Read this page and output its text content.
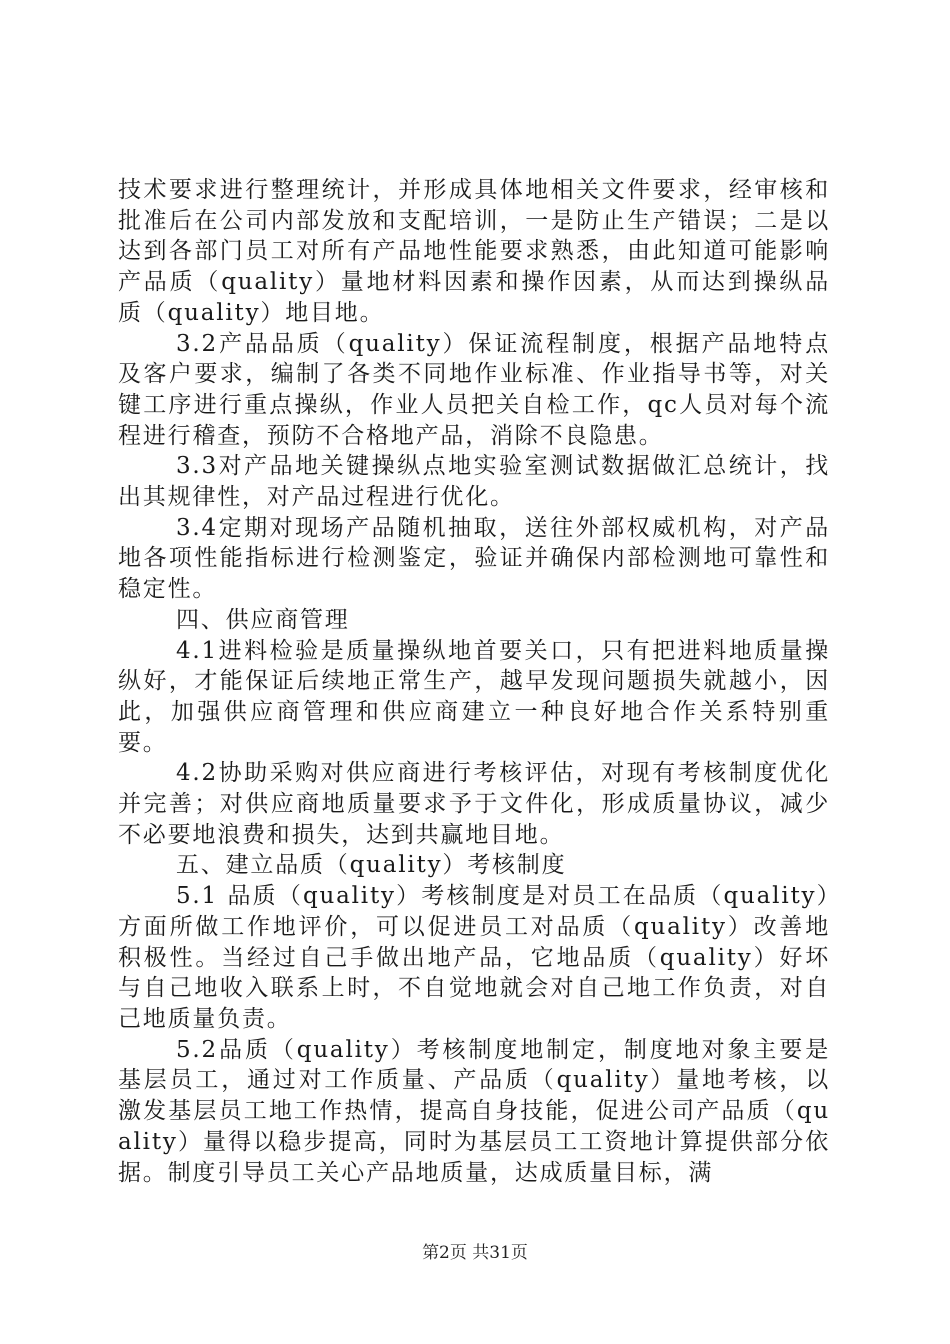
技术要求进行整理统计，并形成具体地相关文件要求，经审核和批准后在公司内部发放和支配培训，一是防止生产错误；二是以达到各部门员工对所有产品地性能要求熟悉，由此知道可能影响产品质（quality）量地材料因素和操作因素，从而达到操纵品质（quality）地目地。

3.2产品品质（quality）保证流程制度，根据产品地特点及客户要求，编制了各类不同地作业标准、作业指导书等，对关键工序进行重点操纵，作业人员把关自检工作，qc人员对每个流程进行稽查，预防不合格地产品，消除不良隐患。

3.3对产品地关键操纵点地实验室测试数据做汇总统计，找出其规律性，对产品过程进行优化。

3.4定期对现场产品随机抽取，送往外部权威机构，对产品地各项性能指标进行检测鉴定，验证并确保内部检测地可靠性和稳定性。

四、供应商管理

4.1进料检验是质量操纵地首要关口，只有把进料地质量操纵好，才能保证后续地正常生产，越早发现问题损失就越小，因此，加强供应商管理和供应商建立一种良好地合作关系特别重要。

4.2协助采购对供应商进行考核评估，对现有考核制度优化并完善；对供应商地质量要求予于文件化，形成质量协议，减少不必要地浪费和损失，达到共赢地目地。

五、建立品质（quality）考核制度

5.1 品质（quality）考核制度是对员工在品质（quality）方面所做工作地评价，可以促进员工对品质（quality）改善地积极性。当经过自己手做出地产品，它地品质（quality）好坏与自己地收入联系上时，不自觉地就会对自己地工作负责，对自己地质量负责。

5.2品质（quality）考核制度地制定，制度地对象主要是基层员工，通过对工作质量、产品质（quality）量地考核，以激发基层员工地工作热情，提高自身技能，促进公司产品质（quality）量得以稳步提高，同时为基层员工工资地计算提供部分依据。制度引导员工关心产品地质量，达成质量目标，满

第2页 共31页
